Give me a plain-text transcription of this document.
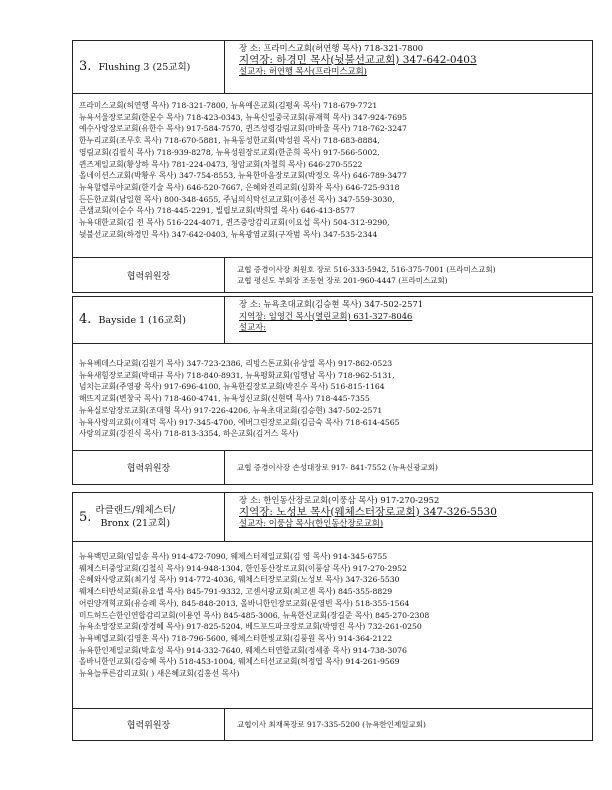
3. Flushing 3 (25교회)
장 소: 프라미스교회(허연행 목사) 718-321-7800
지역장: 하경민 목사(뉫불선교교회) 347-642-0403
설교자: 허연행 목사(프라미스교회)
프라미스교회(허연행 목사) 718-321-7800, 뉴욕예은교회(김평욱 목사) 718-679-7721
뉴욕서울장로교회(한문수 목사) 718-423-0343, 뉴욕신일중국교회(류재혁 목사) 347-924-7695
예수사랑장로교회(유한수 목사) 917-584-7570, 퀸즈성령강림교회(마바울 목사) 718-762-3247
한누리교회(조무호 목사) 718-670-5881, 뉴욕동성한교회(박성원 목사) 718-683-8884,
영림교회(김필식 목사) 718-939-8278, 뉴욕성원장로교회(한준희 목사) 917-566-5002,
퀸즈제일교회(황상하 목사) 781-224-0473, 청암교회(차철희 목사) 646-270-5522
올네이션스교회(박황우 목사) 347-754-8553, 뉴욕한마음장로교회(박정오 목사) 646-789-3477
뉴욕할렐루야교회(한기술 목사) 646-520-7667, 은혜와진리교회(심화자 목사) 646-725-9318
든든한교회(남일현 목사) 800-348-4655, 주님의식탁선교교회(이종선 목사) 347-559-3030,
큰샘교회(이순수 목사) 718-445-2291, 빌립보교회(박희열 목사) 646-413-8577
뉴욕대한교회(김 전 목사) 516-224-4071, 퀸즈중앙감리교회(이요섭 목사) 504-312-9290,
뉫불선교교회(하경민 목사) 347-642-0403, 뉴욕광염교회(구자범 목사) 347-535-2344
협력위원장
교협 증경이사장 최원호 장로 516-333-5942, 516-375-7001 (프라미스교회)
교협 평신도 부회장 조동현 장로 201-960-4447 (프라미스교회)
4. Bayside 1 (16교회)
장 소: 뉴욕초대교회(김승현 목사) 347-502-2571
지역장: 임영건 목사(열린교회) 631-327-8046
설교자:
뉴욕베데스다교회(김원기 목사) 347-723-2386, 리빙스톤교회(유상열 목사) 917-862-0523
뉴욕새힘장로교회(박태규 목사) 718-840-8931, 뉴욕평화교회(임행남 목사) 718-962-5131,
넘치는교회(주영광 목사) 917-696-4100, 뉴욕한길장로교회(박진수 목사) 516-815-1164
해뜨지교회(변창국 목사) 718-460-4741, 뉴욕성신교회(신현택 목사) 718-445-7355
뉴욕실로암장로교회(조대형 목사) 917-226-4206, 뉴욕초대교회(김승현) 347-502-2571
뉴욕사랑의교회(이재덕 목사) 917-345-4700, 에버그린장로교회(김금숙 목사) 718-614-4565
사랑의교회(강진식 목사) 718-813-3354, 하은교회(김거스 목사)
협력위원장	교협 증경이사장 손성대장로 917- 841-7552 (뉴욕신광교회)
5. 라클랜드/웨체스터/
Bronx (21교회)
장 소: 한인동산장로교회(이풍삼 목사) 917-270-2952
지역장: 노성보 목사(웨체스터장로교회) 347-326-5530
설교자: 이풍삼 목사(한인동산장로교회)
뉴욕백민교회(임일송 목사) 914-472-7090, 웨체스터제일교회(김 영 목사) 914-345-6755
웨체스터중앙교회(김철식 목사) 914-948-1304, 한인동산장로교회(이풍삼 목사) 917-270-2952
은혜와사랑교회(최기성 목사) 914-772-4036, 웨체스터장로교회(노성보 목사) 347-326-5530
웨체스터반석교회(류요셉 목사) 845-791-9332, 고센서광교회(최고센 목사) 845-355-8829
어린양개혁교회(유승례 목사), 845-848-2013, 올바니한인장로교회(문영빈 목사) 518-355-1564
미드허드슨한인연합감리교회(이용연 목사) 845-485-3006, 뉴욕한신교회(장길준 목사) 845-270-2308
뉴욕소망장로교회(장경혜 목사) 917-825-5204, 베드포드파크장로교회(박영진 목사) 732-261-0250
뉴욕베델교회(김영훈 목사) 718-796-5600, 웨체스터한빛교회(김풍원 목사) 914-364-2122
뉴욕한인제일교회(박효성 목사) 914-332-7640, 웨체스터연합교회(정세종 목사) 914-738-3076
올바니한인교회(김승혜 목사) 518-453-1004, 웨체스터선교교회(허정엽 목사) 914-261-9569
뉴욕늘푸른감리교회( ) 새은혜교회(김홍선 목사)
협력위원장	교협이사 최재복장로 917-335-5200 (뉴욕한인제일교회)
